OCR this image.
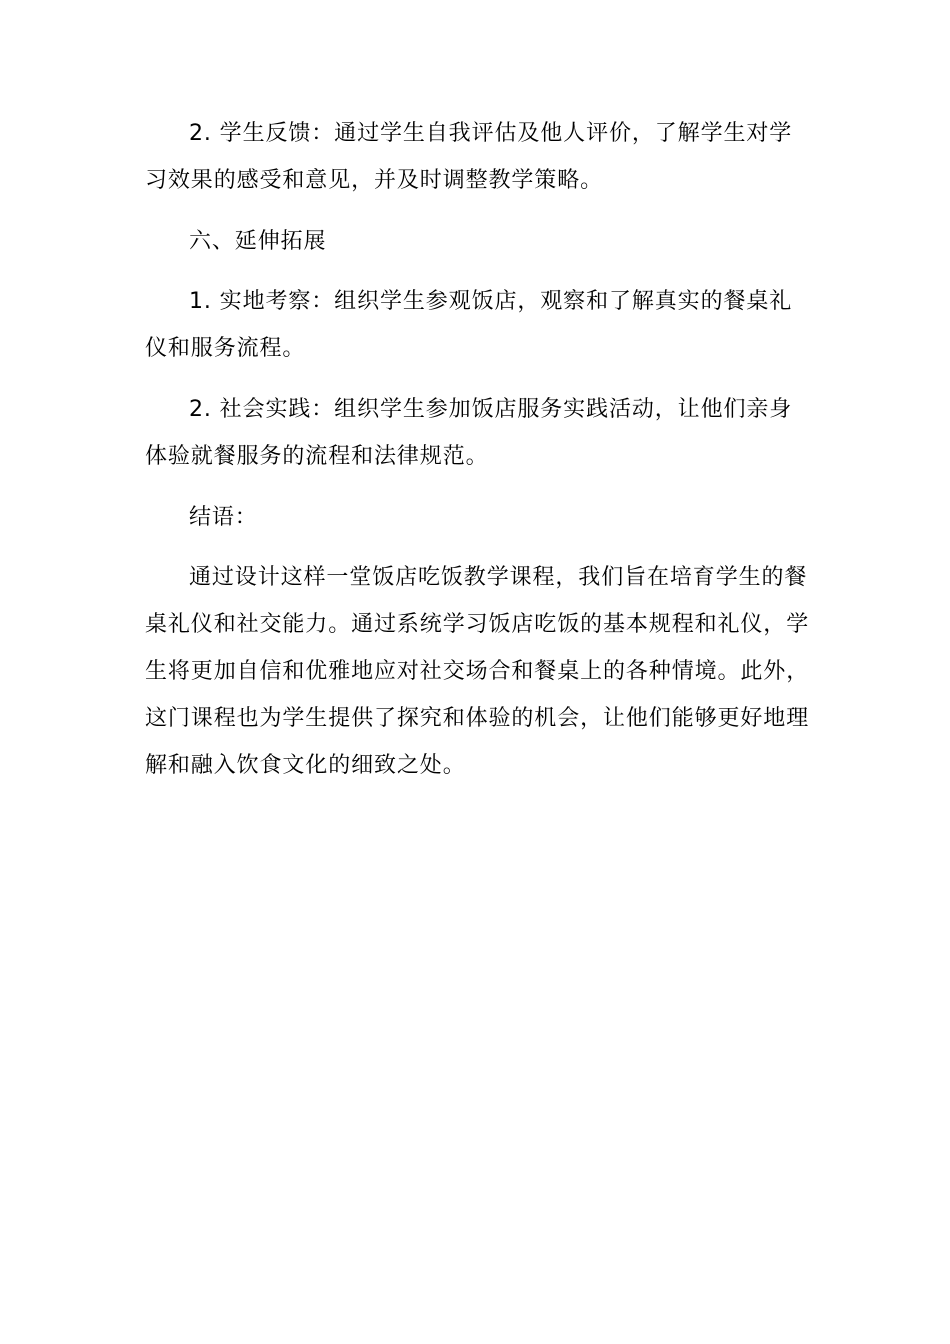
2. 学生反馈：通过学生自我评估及他人评价，了解学生对学习效果的感受和意见，并及时调整教学策略。

六、延伸拓展

1. 实地考察：组织学生参观饭店，观察和了解真实的餐桌礼仪和服务流程。

2. 社会实践：组织学生参加饭店服务实践活动，让他们亲身体验就餐服务的流程和法律规范。

结语：

通过设计这样一堂饭店吃饭教学课程，我们旨在培育学生的餐桌礼仪和社交能力。通过系统学习饭店吃饭的基本规程和礼仪，学生将更加自信和优雅地应对社交场合和餐桌上的各种情境。此外，这门课程也为学生提供了探究和体验的机会，让他们能够更好地理解和融入饮食文化的细致之处。
